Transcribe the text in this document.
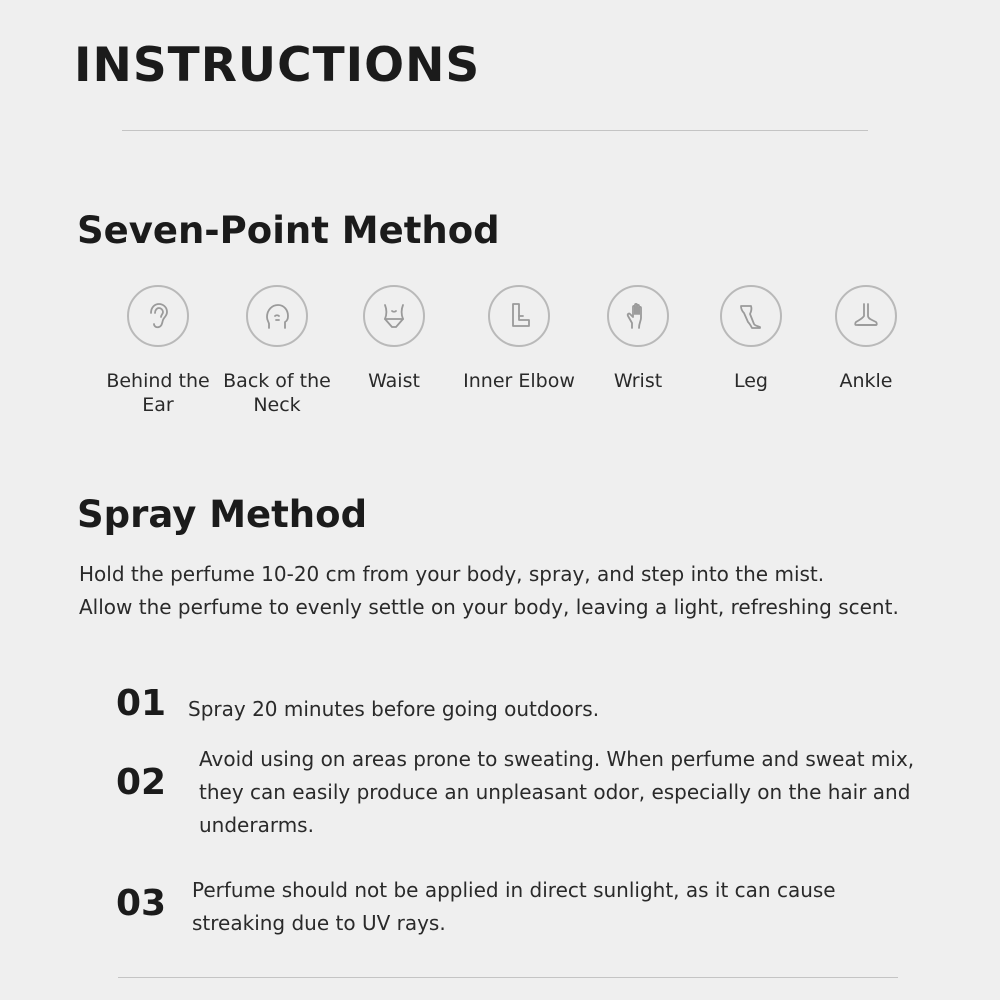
INSTRUCTIONS
Seven-Point Method
Behind the Ear
Back of the Neck
Waist	Inner Elbow	Wrist	Leg	Ankle
Spray Method

Hold the perfume 10-20 cm from your body, spray, and step into the mist.
Allow the perfume to evenly settle on your body, leaving a light, refreshing scent.

01 Spray 20 minutes before going outdoors.

02

Avoid using on areas prone to sweating. When perfume and sweat mix, they can easily produce an unpleasant odor, especially on the hair and underarms.

03 Perfume should not be applied in direct sunlight, as it can cause streaking due to UV rays.
